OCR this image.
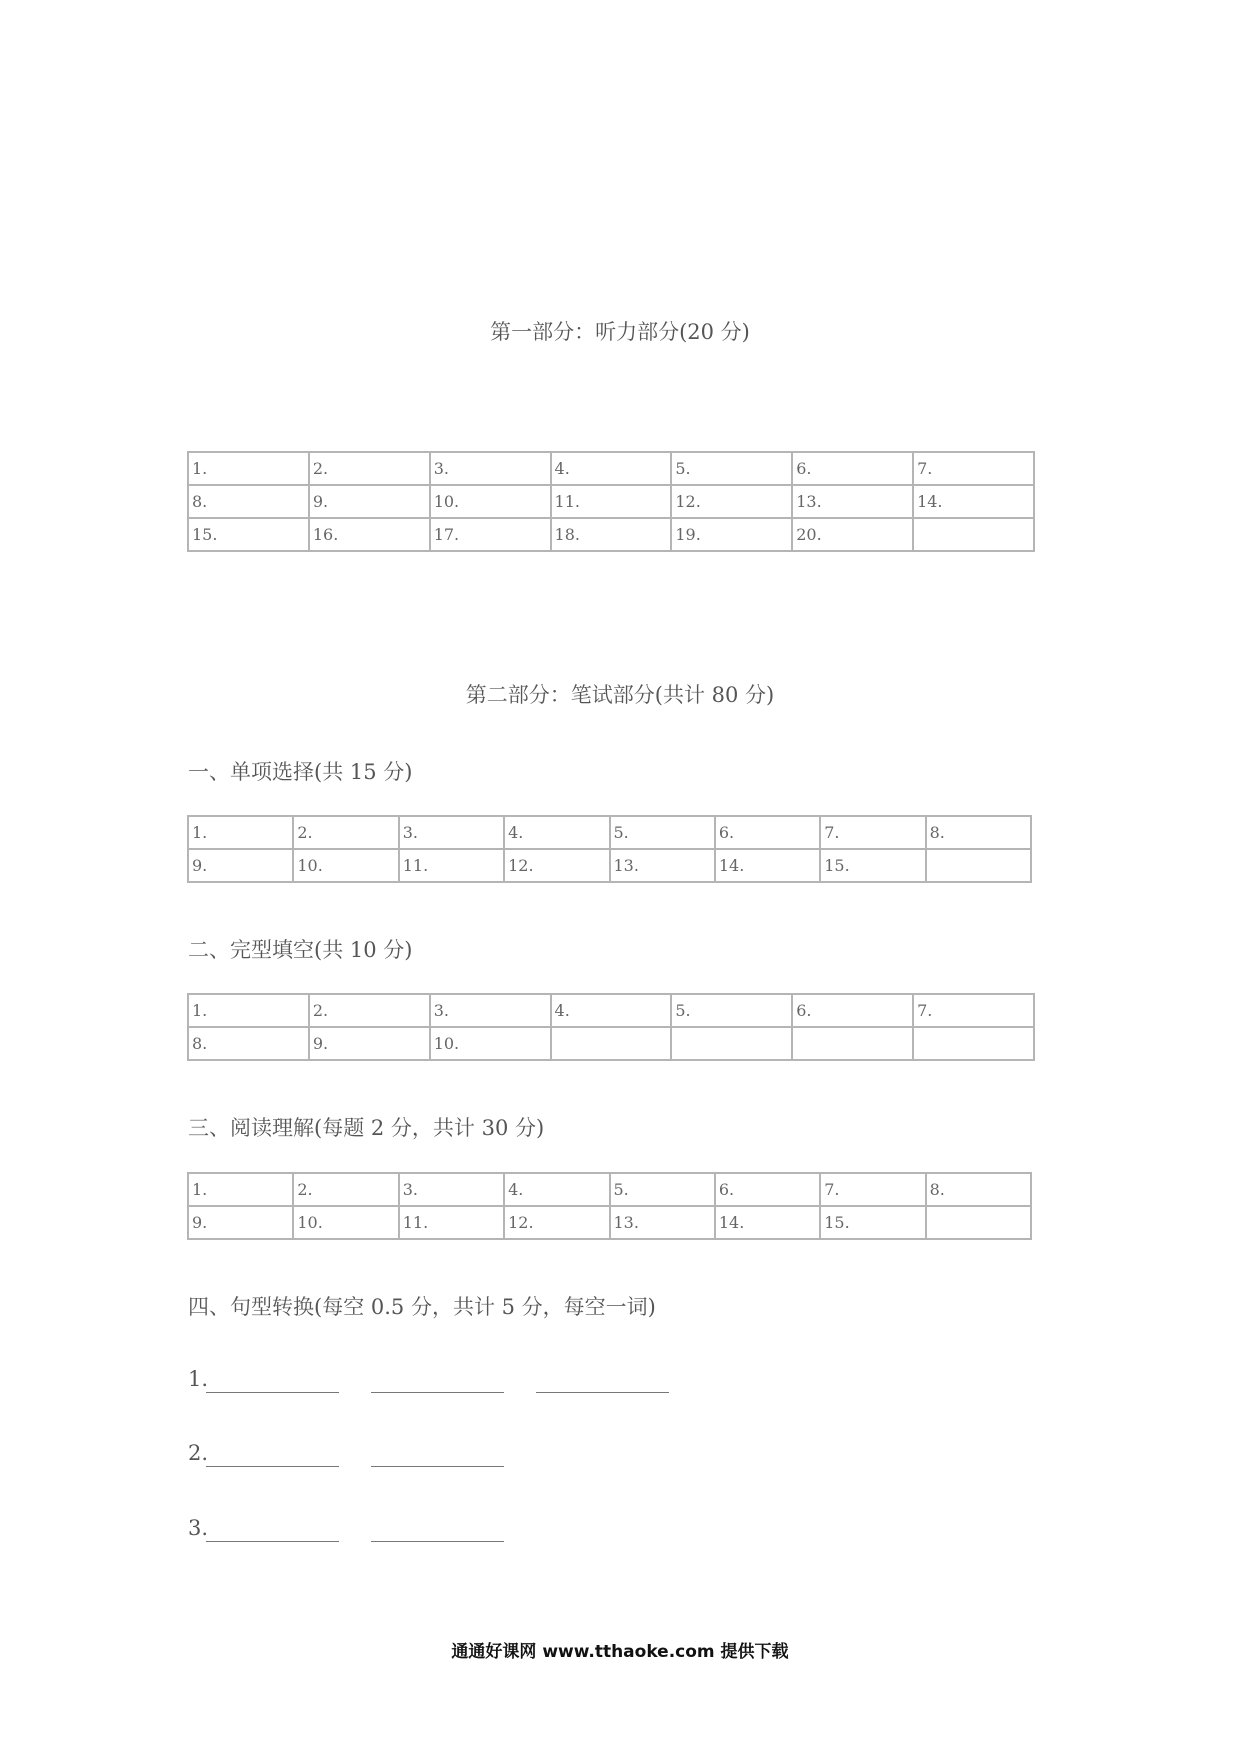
第一部分：听力部分(20 分)
1.	2.	3.	4.	5.	6.	7.
8.	9.	10.	11.	12.	13.	14.
15.	16.	17.	18.	19.	20.	
第二部分：笔试部分(共计 80 分)
一、单项选择(共 15 分)
1.	2.	3.	4.	5.	6.	7.	8.
9.	10.	11.	12.	13.	14.	15.	
二、完型填空(共 10 分)
1.	2.	3.	4.	5.	6.	7.
8.	9.	10.				
三、阅读理解(每题 2 分，共计 30 分)
1.	2.	3.	4.	5.	6.	7.	8.
9.	10.	11.	12.	13.	14.	15.	
四、句型转换(每空 0.5 分，共计 5 分，每空一词)
1.
2.
3.
通通好课网 www.tthaoke.com 提供下载
